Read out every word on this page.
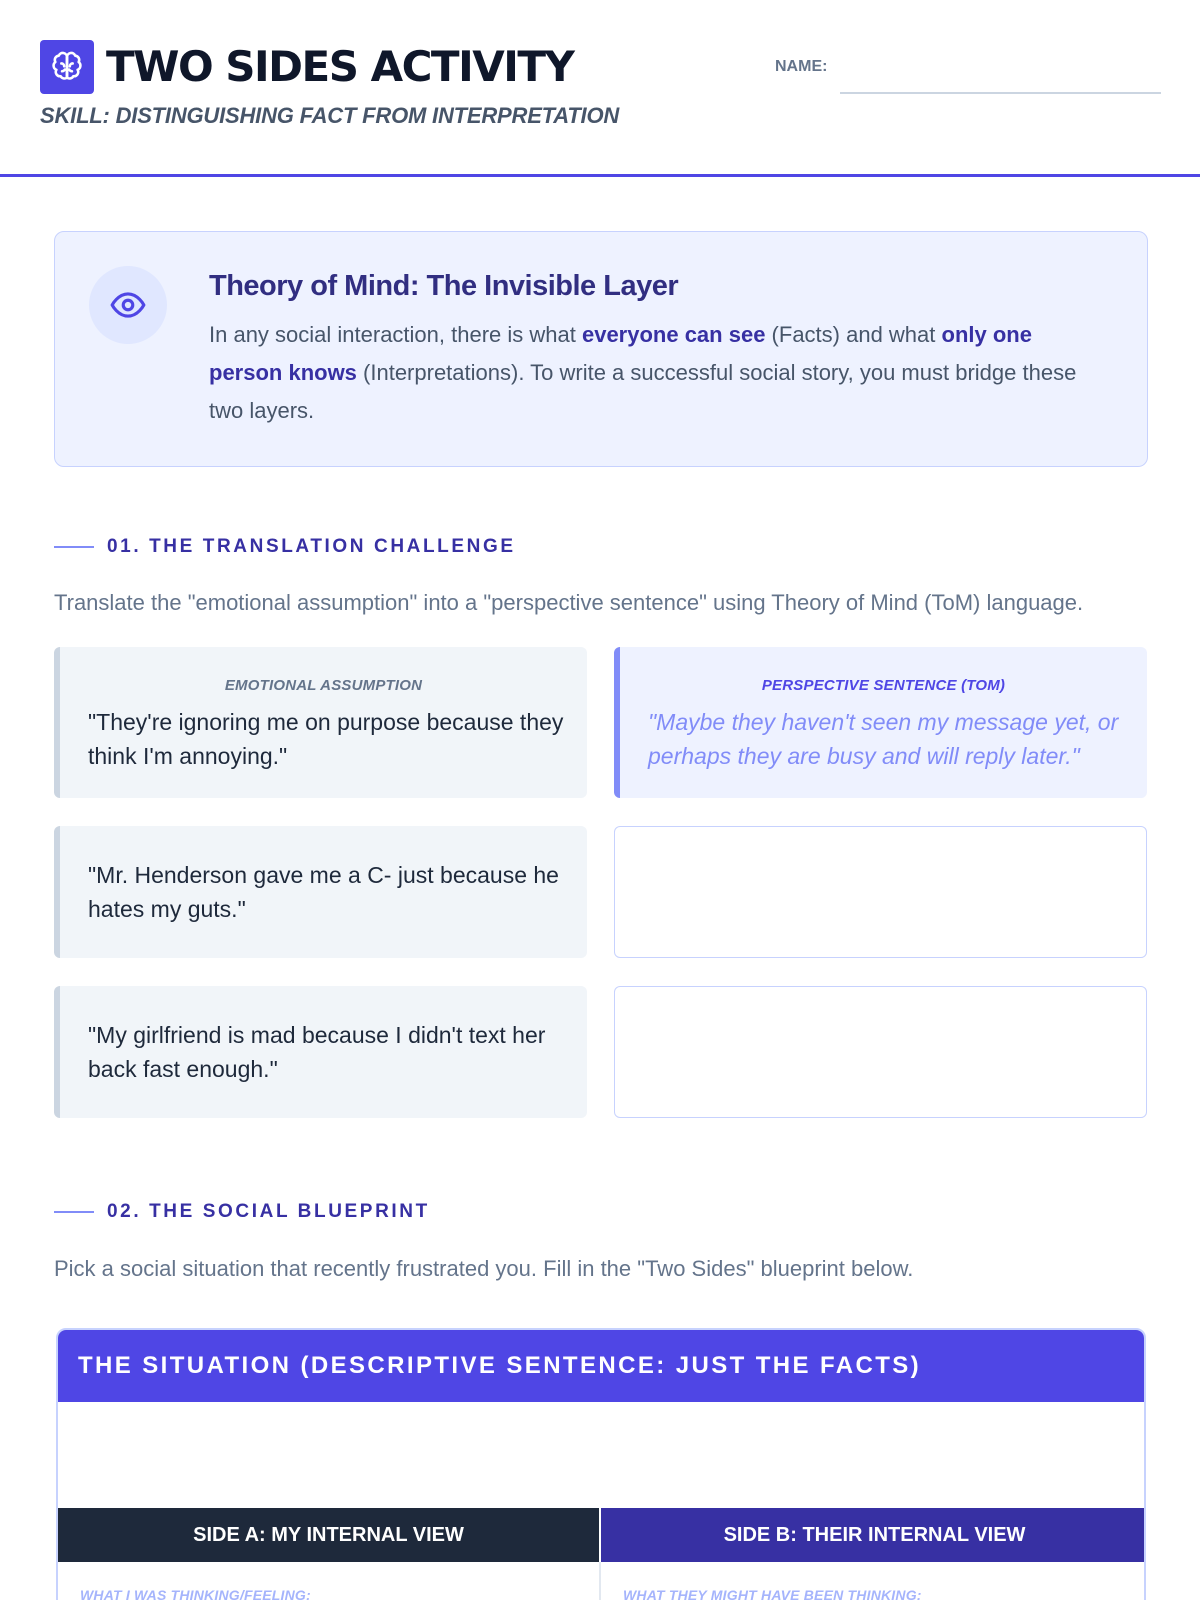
TWO SIDES ACTIVITY
SKILL: DISTINGUISHING FACT FROM INTERPRETATION
NAME:
Theory of Mind: The Invisible Layer
In any social interaction, there is what everyone can see (Facts) and what only one person knows (Interpretations). To write a successful social story, you must bridge these two layers.
01. THE TRANSLATION CHALLENGE
Translate the "emotional assumption" into a "perspective sentence" using Theory of Mind (ToM) language.
EMOTIONAL ASSUMPTION
"They're ignoring me on purpose because they think I'm annoying."
PERSPECTIVE SENTENCE (TOM)
"Maybe they haven't seen my message yet, or perhaps they are busy and will reply later."
"Mr. Henderson gave me a C- just because he hates my guts."
"My girlfriend is mad because I didn't text her back fast enough."
02. THE SOCIAL BLUEPRINT
Pick a social situation that recently frustrated you. Fill in the "Two Sides" blueprint below.
THE SITUATION (DESCRIPTIVE SENTENCE: JUST THE FACTS)
SIDE A: MY INTERNAL VIEW	SIDE B: THEIR INTERNAL VIEW
WHAT I WAS THINKING/FEELING:	WHAT THEY MIGHT HAVE BEEN THINKING:
